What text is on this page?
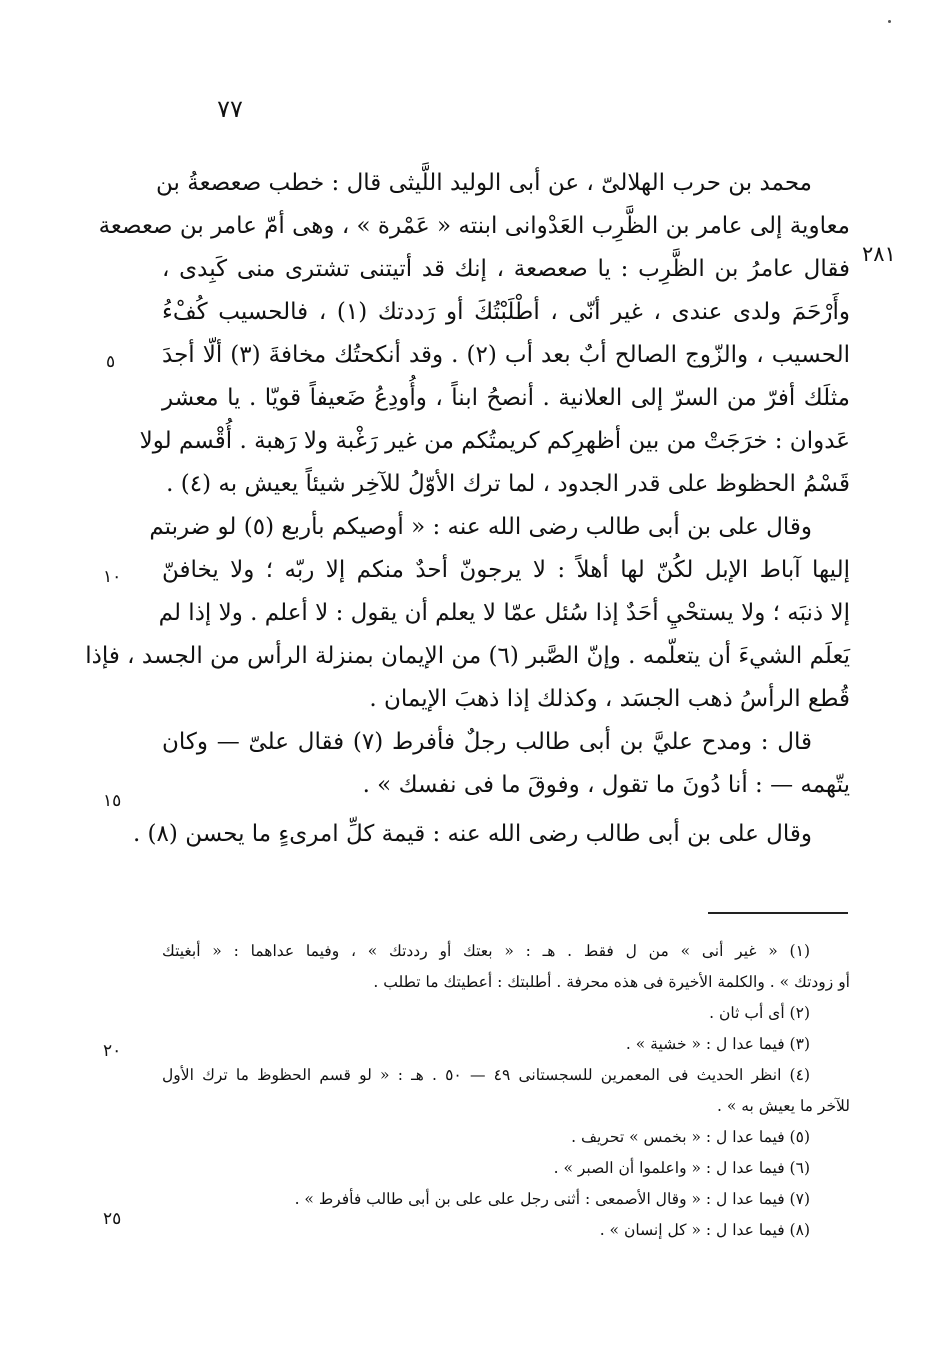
٧٧
محمد بن حرب الهلالىّ ، عن أبى الوليد اللَّيثى قال : خطب صعصعةُ بن
معاوية إلى عامر بن الظَّرِب العَدْوانى ابنته « عَمْرة » ، وهى أمّ عامر بن صعصعة
فقال عامرُ بن الظَّرِب : يا صعصعة ، إنك قد أتيتنى تشترى منى كَبِدى ،
وأَرْحَمَ ولدى عندى ، غير أنّى ، أطْلَبْتُكَ أو رَددتك (١) ، فالحسيب كُفْءُ
الحسيب ، والزّوج الصالح أبٌ بعد أب (٢) . وقد أنكحتُك مخافةَ (٣) ألّا أجدَ
مثلَك أفرّ من السرّ إلى العلانية . أنصحُ ابناً ، وأُودِعُ ضَعيفاً قويّا . يا معشر
عَدوان : خرَجَتْ من بين أظهرِكم كريمتُكم من غير رَغْبة ولا رَهبة . أُقْسم لولا
قَسْمُ الحظوظ على قدر الجدود ، لما ترك الأوّلُ للآخِر شيئاً يعيش به (٤) .
وقال على بن أبى طالب رضى الله عنه : « أوصيكم بأربع (٥) لو ضربتم
إليها آباط الإبل لكُنّ لها أهلاً : لا يرجونّ أحدٌ منكم إلا ربّه ؛ ولا يخافنّ
إلا ذنبَه ؛ ولا يستحْيِ أحَدٌ إذا سُئل عمّا لا يعلم أن يقول : لا أعلم . ولا إذا لم
يَعلَم الشيءَ أن يتعلّمه . وإنّ الصَّبر (٦) من الإيمان بمنزلة الرأس من الجسد ، فإذا
قُطع الرأسُ ذهب الجسَد ، وكذلك إذا ذهبَ الإيمان .
قال : ومدح عليَّ بن أبى طالب رجلٌ فأفرط (٧) فقال علىّ — وكان
يتّهمه — : أنا دُونَ ما تقول ، وفوقَ ما فى نفسك » .
وقال على بن أبى طالب رضى الله عنه : قيمة كلِّ امرىءٍ ما يحسن (٨) .
(١) « غير أنى » من ل فقط . هـ : « بعتك أو رددتك » ، وفيما عداهما : « أبغيتك
أو زودتك » . والكلمة الأخيرة فى هذه محرفة . أطلبتك : أعطيتك ما تطلب .
(٢) أى أب ثان .
(٣) فيما عدا ل : « خشية » .
(٤) انظر الحديث فى المعمرين للسجستانى ٤٩ — ٥٠ . هـ : « لو قسم الحظوظ ما ترك الأول
للآخر ما يعيش به » .
(٥) فيما عدا ل : « بخمس » تحريف .
(٦) فيما عدا ل : « واعلموا أن الصبر » .
(٧) فيما عدا ل : « وقال الأصمعى : أثنى رجل على على بن أبى طالب فأفرط » .
(٨) فيما عدا ل : « كل إنسان » .
٢٨١
٥
١٠
١٥
٢٠
٢٥
